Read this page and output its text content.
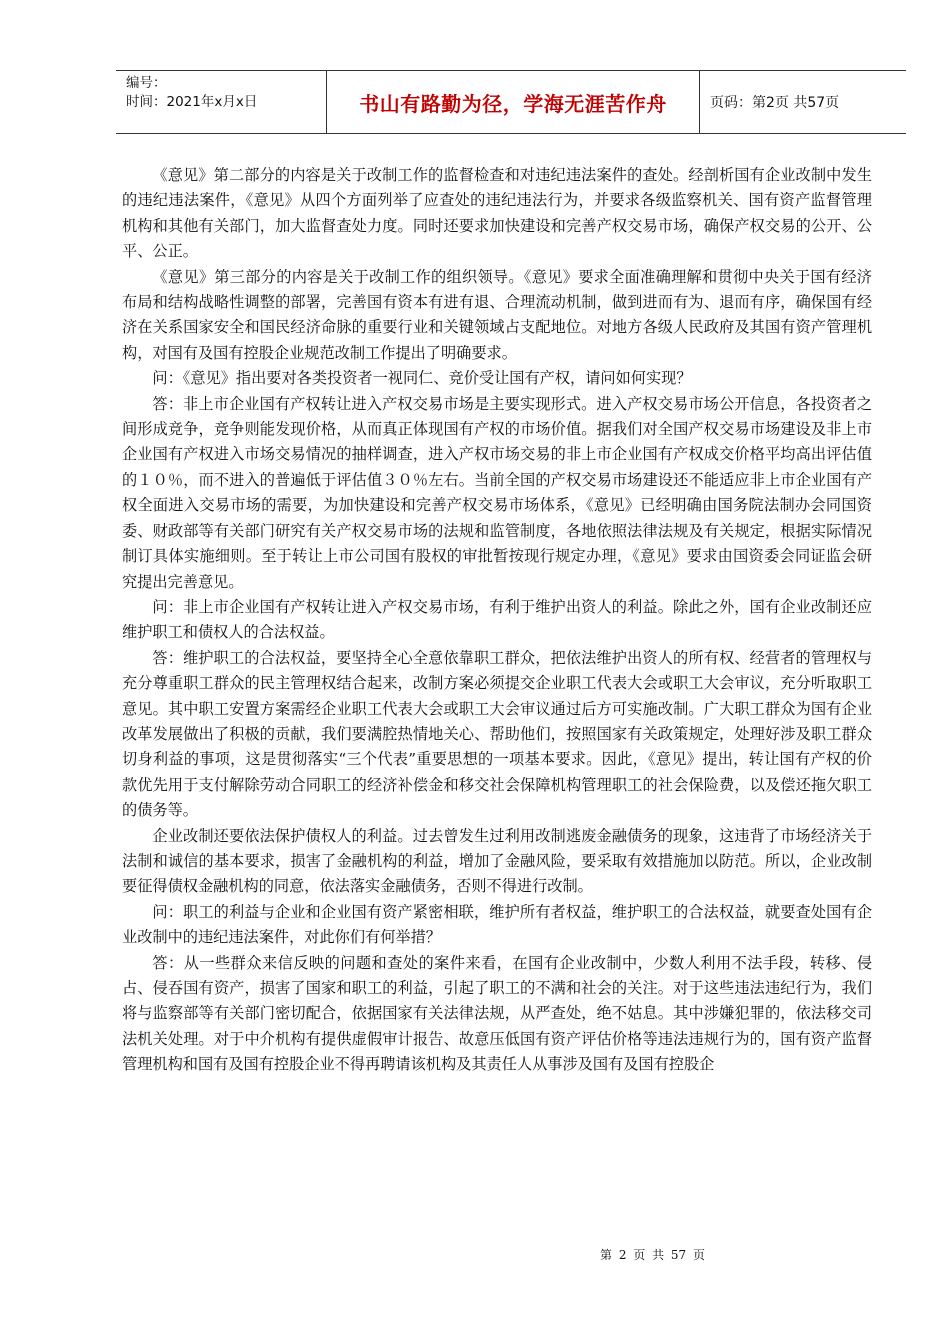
编号：
时间：2021年x月x日	书山有路勤为径，学海无涯苦作舟	页码：第2页 共57页

《意见》第二部分的内容是关于改制工作的监督检查和对违纪违法案件的查处。经剖析国有企业改制中发生的违纪违法案件，《意见》从四个方面列举了应查处的违纪违法行为，并要求各级监察机关、国有资产监督管理机构和其他有关部门，加大监督查处力度。同时还要求加快建设和完善产权交易市场，确保产权交易的公开、公平、公正。

《意见》第三部分的内容是关于改制工作的组织领导。《意见》要求全面准确理解和贯彻中央关于国有经济布局和结构战略性调整的部署，完善国有资本有进有退、合理流动机制，做到进而有为、退而有序，确保国有经济在关系国家安全和国民经济命脉的重要行业和关键领域占支配地位。对地方各级人民政府及其国有资产管理机构，对国有及国有控股企业规范改制工作提出了明确要求。

问：《意见》指出要对各类投资者一视同仁、竞价受让国有产权，请问如何实现？

答：非上市企业国有产权转让进入产权交易市场是主要实现形式。进入产权交易市场公开信息，各投资者之间形成竞争，竞争则能发现价格，从而真正体现国有产权的市场价值。据我们对全国产权交易市场建设及非上市企业国有产权进入市场交易情况的抽样调查，进入产权市场交易的非上市企业国有产权成交价格平均高出评估值的１０％，而不进入的普遍低于评估值３０％左右。当前全国的产权交易市场建设还不能适应非上市企业国有产权全面进入交易市场的需要，为加快建设和完善产权交易市场体系，《意见》已经明确由国务院法制办会同国资委、财政部等有关部门研究有关产权交易市场的法规和监管制度，各地依照法律法规及有关规定，根据实际情况制订具体实施细则。至于转让上市公司国有股权的审批暂按现行规定办理，《意见》要求由国资委会同证监会研究提出完善意见。

问：非上市企业国有产权转让进入产权交易市场，有利于维护出资人的利益。除此之外，国有企业改制还应维护职工和债权人的合法权益。

答：维护职工的合法权益，要坚持全心全意依靠职工群众，把依法维护出资人的所有权、经营者的管理权与充分尊重职工群众的民主管理权结合起来，改制方案必须提交企业职工代表大会或职工大会审议，充分听取职工意见。其中职工安置方案需经企业职工代表大会或职工大会审议通过后方可实施改制。广大职工群众为国有企业改革发展做出了积极的贡献，我们要满腔热情地关心、帮助他们，按照国家有关政策规定，处理好涉及职工群众切身利益的事项，这是贯彻落实“三个代表”重要思想的一项基本要求。因此，《意见》提出，转让国有产权的价款优先用于支付解除劳动合同职工的经济补偿金和移交社会保障机构管理职工的社会保险费，以及偿还拖欠职工的债务等。

企业改制还要依法保护债权人的利益。过去曾发生过利用改制逃废金融债务的现象，这违背了市场经济关于法制和诚信的基本要求，损害了金融机构的利益，增加了金融风险，要采取有效措施加以防范。所以，企业改制要征得债权金融机构的同意，依法落实金融债务，否则不得进行改制。

问：职工的利益与企业和企业国有资产紧密相联，维护所有者权益，维护职工的合法权益，就要查处国有企业改制中的违纪违法案件，对此你们有何举措？

答：从一些群众来信反映的问题和查处的案件来看，在国有企业改制中，少数人利用不法手段，转移、侵占、侵吞国有资产，损害了国家和职工的利益，引起了职工的不满和社会的关注。对于这些违法违纪行为，我们将与监察部等有关部门密切配合，依据国家有关法律法规，从严查处，绝不姑息。其中涉嫌犯罪的，依法移交司法机关处理。对于中介机构有提供虚假审计报告、故意压低国有资产评估价格等违法违规行为的，国有资产监督管理机构和国有及国有控股企业不得再聘请该机构及其责任人从事涉及国有及国有控股企

第 2 页 共 57 页
